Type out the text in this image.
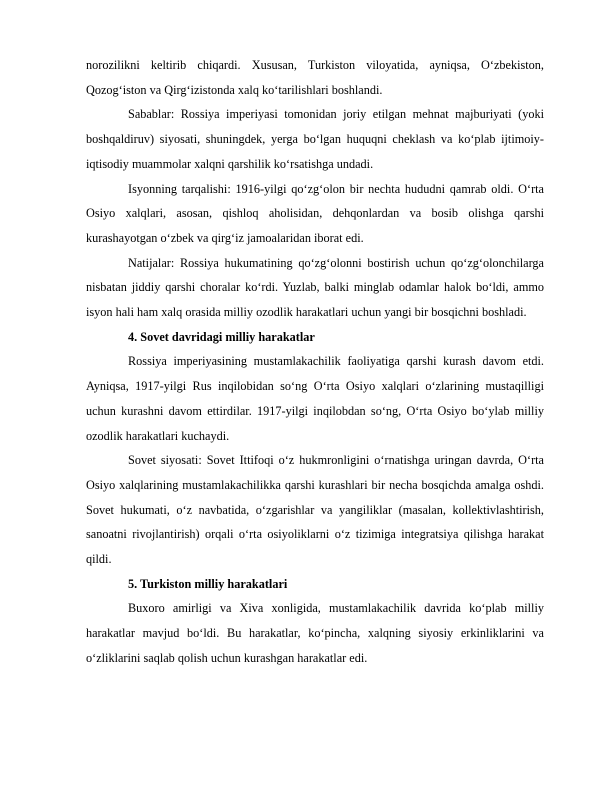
norozilikni keltirib chiqardi. Xususan, Turkiston viloyatida, ayniqsa, O‘zbekiston, Qozog‘iston va Qirg‘izistonda xalq ko‘tarilishlari boshlandi.

Sabablar: Rossiya imperiyasi tomonidan joriy etilgan mehnat majburiyati (yoki boshqaldiruv) siyosati, shuningdek, yerga bo‘lgan huquqni cheklash va ko‘plab ijtimoiy-iqtisodiy muammolar xalqni qarshilik ko‘rsatishga undadi.

Isyonning tarqalishi: 1916-yilgi qo‘zg‘olon bir nechta hududni qamrab oldi. O‘rta Osiyo xalqlari, asosan, qishloq aholisidan, dehqonlardan va bosib olishga qarshi kurashayotgan o‘zbek va qirg‘iz jamoalaridan iborat edi.

Natijalar: Rossiya hukumatining qo‘zg‘olonni bostirish uchun qo‘zg‘olonchilarga nisbatan jiddiy qarshi choralar ko‘rdi. Yuzlab, balki minglab odamlar halok bo‘ldi, ammo isyon hali ham xalq orasida milliy ozodlik harakatlari uchun yangi bir bosqichni boshladi.

4. Sovet davridagi milliy harakatlar

Rossiya imperiyasining mustamlakachilik faoliyatiga qarshi kurash davom etdi. Ayniqsa, 1917-yilgi Rus inqilobidan so‘ng O‘rta Osiyo xalqlari o‘zlarining mustaqilligi uchun kurashni davom ettirdilar. 1917-yilgi inqilobdan so‘ng, O‘rta Osiyo bo‘ylab milliy ozodlik harakatlari kuchaydi.

Sovet siyosati: Sovet Ittifoqi o‘z hukmronligini o‘rnatishga uringan davrda, O‘rta Osiyo xalqlarining mustamlakachilikka qarshi kurashlari bir necha bosqichda amalga oshdi. Sovet hukumati, o‘z navbatida, o‘zgarishlar va yangiliklar (masalan, kollektivlashtirish, sanoatni rivojlantirish) orqali o‘rta osiyoliklarni o‘z tizimiga integratsiya qilishga harakat qildi.

5. Turkiston milliy harakatlari

Buxoro amirligi va Xiva xonligida, mustamlakachilik davrida ko‘plab milliy harakatlar mavjud bo‘ldi. Bu harakatlar, ko‘pincha, xalqning siyosiy erkinliklarini va o‘zliklarini saqlab qolish uchun kurashgan harakatlar edi.
